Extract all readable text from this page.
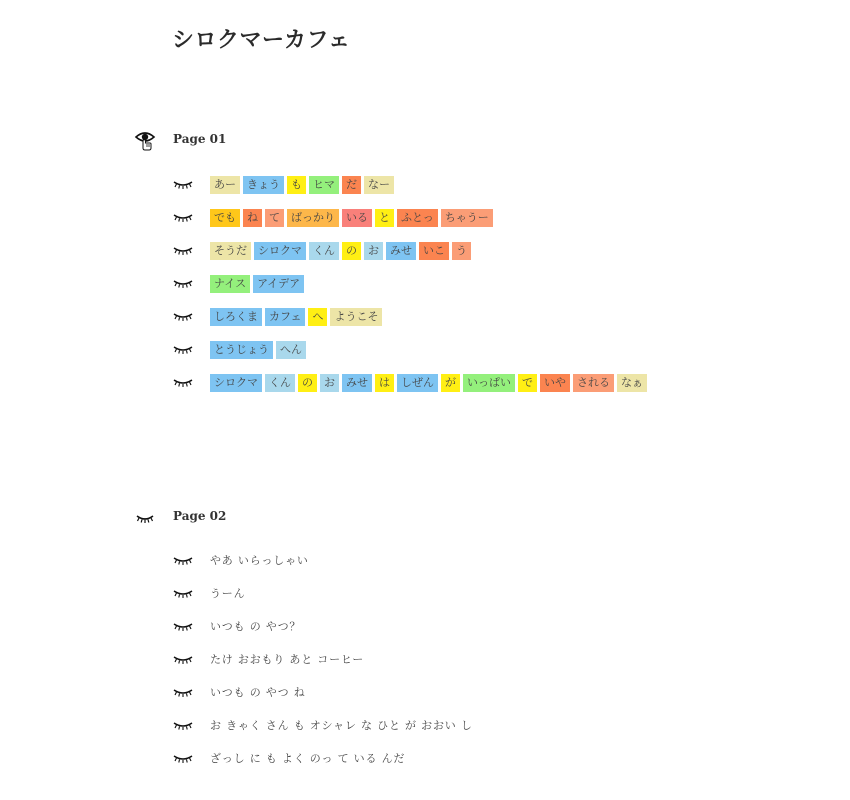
シロクマーカフェ
Page 01
あー	きょう	も	ヒマ	だ	なー
でも	ね	て	ばっかり	いる	と	ふとっ	ちゃうー
そうだ	シロクマ	くん	の	お	みせ	いこ	う
ナイス	アイデア
しろくま	カフェ	へ	ようこそ
とうじょう	へん
シロクマ	くん	の	お	みせ	は	しぜん	が	いっぱい	で	いや	される	なぁ
Page 02
やあ いらっしゃい
うーん
いつも の やつ？
たけ おおもり あと コーヒー
いつも の やつ ね
お きゃく さん も オシャレ な ひと が おおい し
ざっし に も よく のっ て いる んだ
